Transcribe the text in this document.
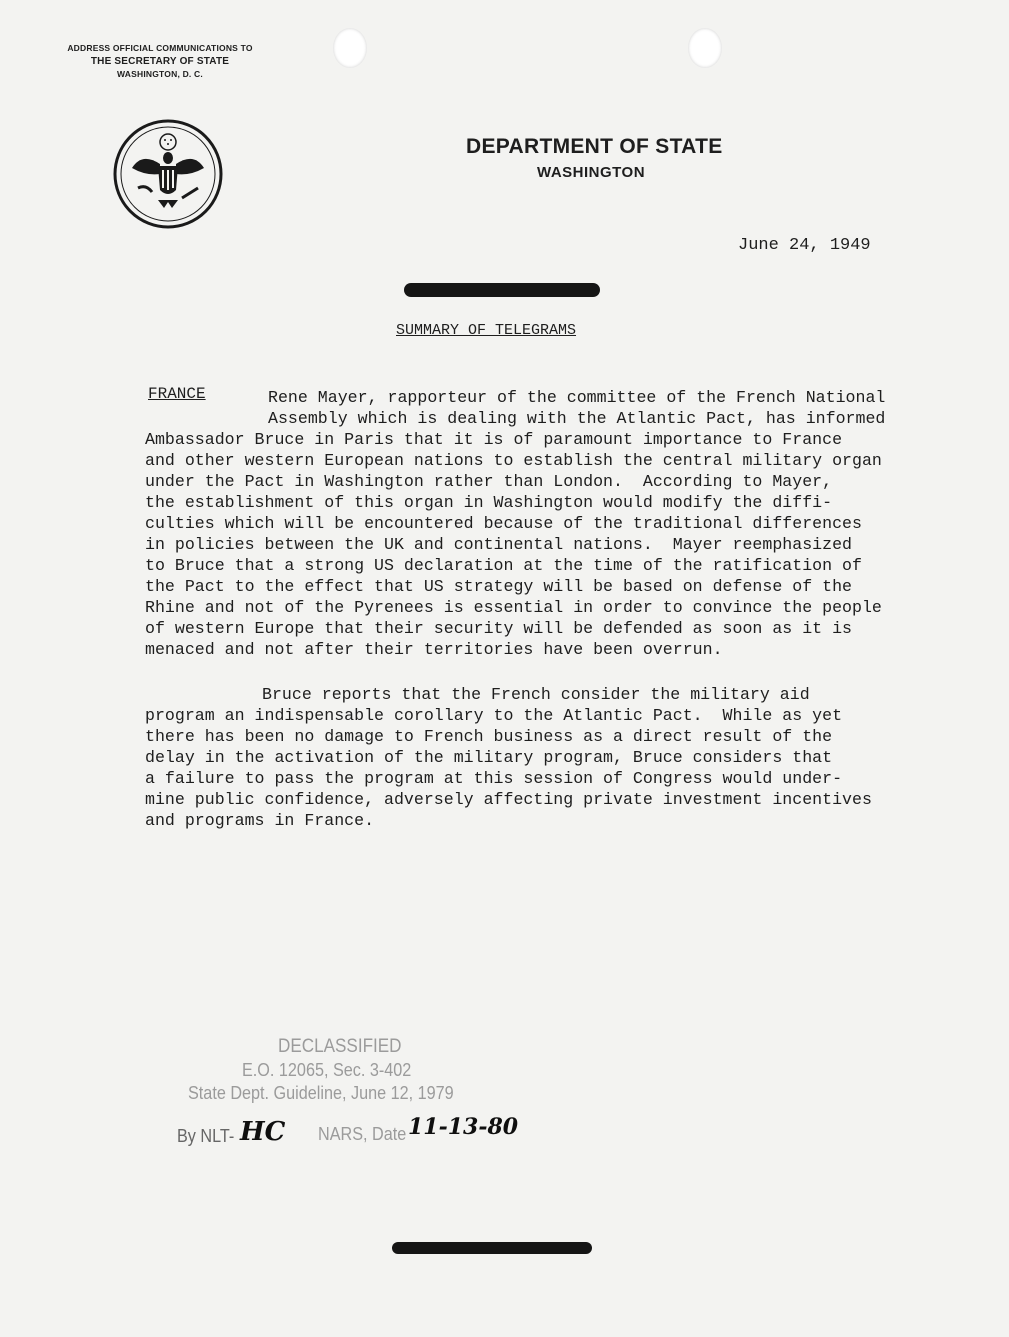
ADDRESS OFFICIAL COMMUNICATIONS TO
THE SECRETARY OF STATE
WASHINGTON, D. C.
DEPARTMENT OF STATE
WASHINGTON
June 24, 1949
SUMMARY OF TELEGRAMS
FRANCE

	Rene Mayer, rapporteur of the committee of the French National

Assembly which is dealing with the Atlantic Pact, has informed

Ambassador Bruce in Paris that it is of paramount importance to France

and other western European nations to establish the central military organ

under the Pact in Washington rather than London.  According to Mayer,

the establishment of this organ in Washington would modify the diffi-

culties which will be encountered because of the traditional differences

in policies between the UK and continental nations.  Mayer reemphasized

to Bruce that a strong US declaration at the time of the ratification of

the Pact to the effect that US strategy will be based on defense of the

Rhine and not of the Pyrenees is essential in order to convince the people

of western Europe that their security will be defended as soon as it is

menaced and not after their territories have been overrun.

Bruce reports that the French consider the military aid
program an indispensable corollary to the Atlantic Pact.  While as yet
there has been no damage to French business as a direct result of the
delay in the activation of the military program, Bruce considers that
a failure to pass the program at this session of Congress would under-
mine public confidence, adversely affecting private investment incentives
and programs in France.
DECLASSIFIED
E.O. 12065, Sec. 3-402
State Dept. Guideline, June 12, 1979
By NLT- HC NARS, Date 11-13-80
